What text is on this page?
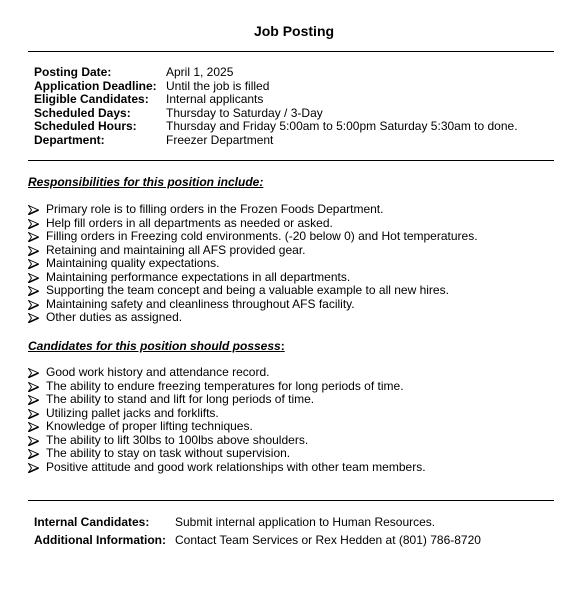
Job Posting
Posting Date:	April 1, 2025
Application Deadline: Until the job is filled
Eligible Candidates: Internal applicants
Scheduled Days:	Thursday to Saturday / 3-Day
Scheduled Hours: Thursday and Friday 5:00am to 5:00pm Saturday 5:30am to done.
Department:	Freezer Department
Responsibilities for this position include:
Primary role is to filling orders in the Frozen Foods Department.
Help fill orders in all departments as needed or asked.
Filling orders in Freezing cold environments. (-20 below 0) and Hot temperatures.
Retaining and maintaining all AFS provided gear.
Maintaining quality expectations.
Maintaining performance expectations in all departments.
Supporting the team concept and being a valuable example to all new hires.
Maintaining safety and cleanliness throughout AFS facility.
Other duties as assigned.
Candidates for this position should possess:
Good work history and attendance record.
The ability to endure freezing temperatures for long periods of time.
The ability to stand and lift for long periods of time.
Utilizing pallet jacks and forklifts.
Knowledge of proper lifting techniques.
The ability to lift 30lbs to 100lbs above shoulders.
The ability to stay on task without supervision.
Positive attitude and good work relationships with other team members.
Internal Candidates: Submit internal application to Human Resources.
Additional Information: Contact Team Services or Rex Hedden at (801) 786-8720
